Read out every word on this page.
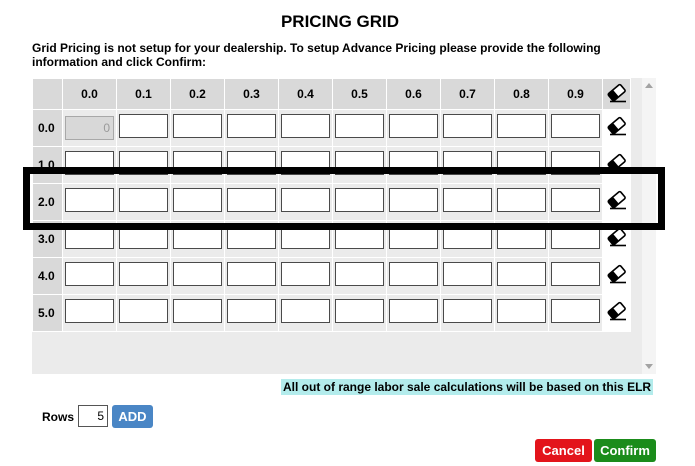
PRICING GRID
Grid Pricing is not setup for your dealership. To setup Advance Pricing please provide the following information and click Confirm:
	0.0	0.1	0.2	0.3	0.4	0.5	0.6	0.7	0.8	0.9	
0.0	0										
1.0											
2.0											
3.0											
4.0											
5.0											
All out of range labor sale calculations will be based on this ELR
Rows	5	ADD
Cancel	Confirm
